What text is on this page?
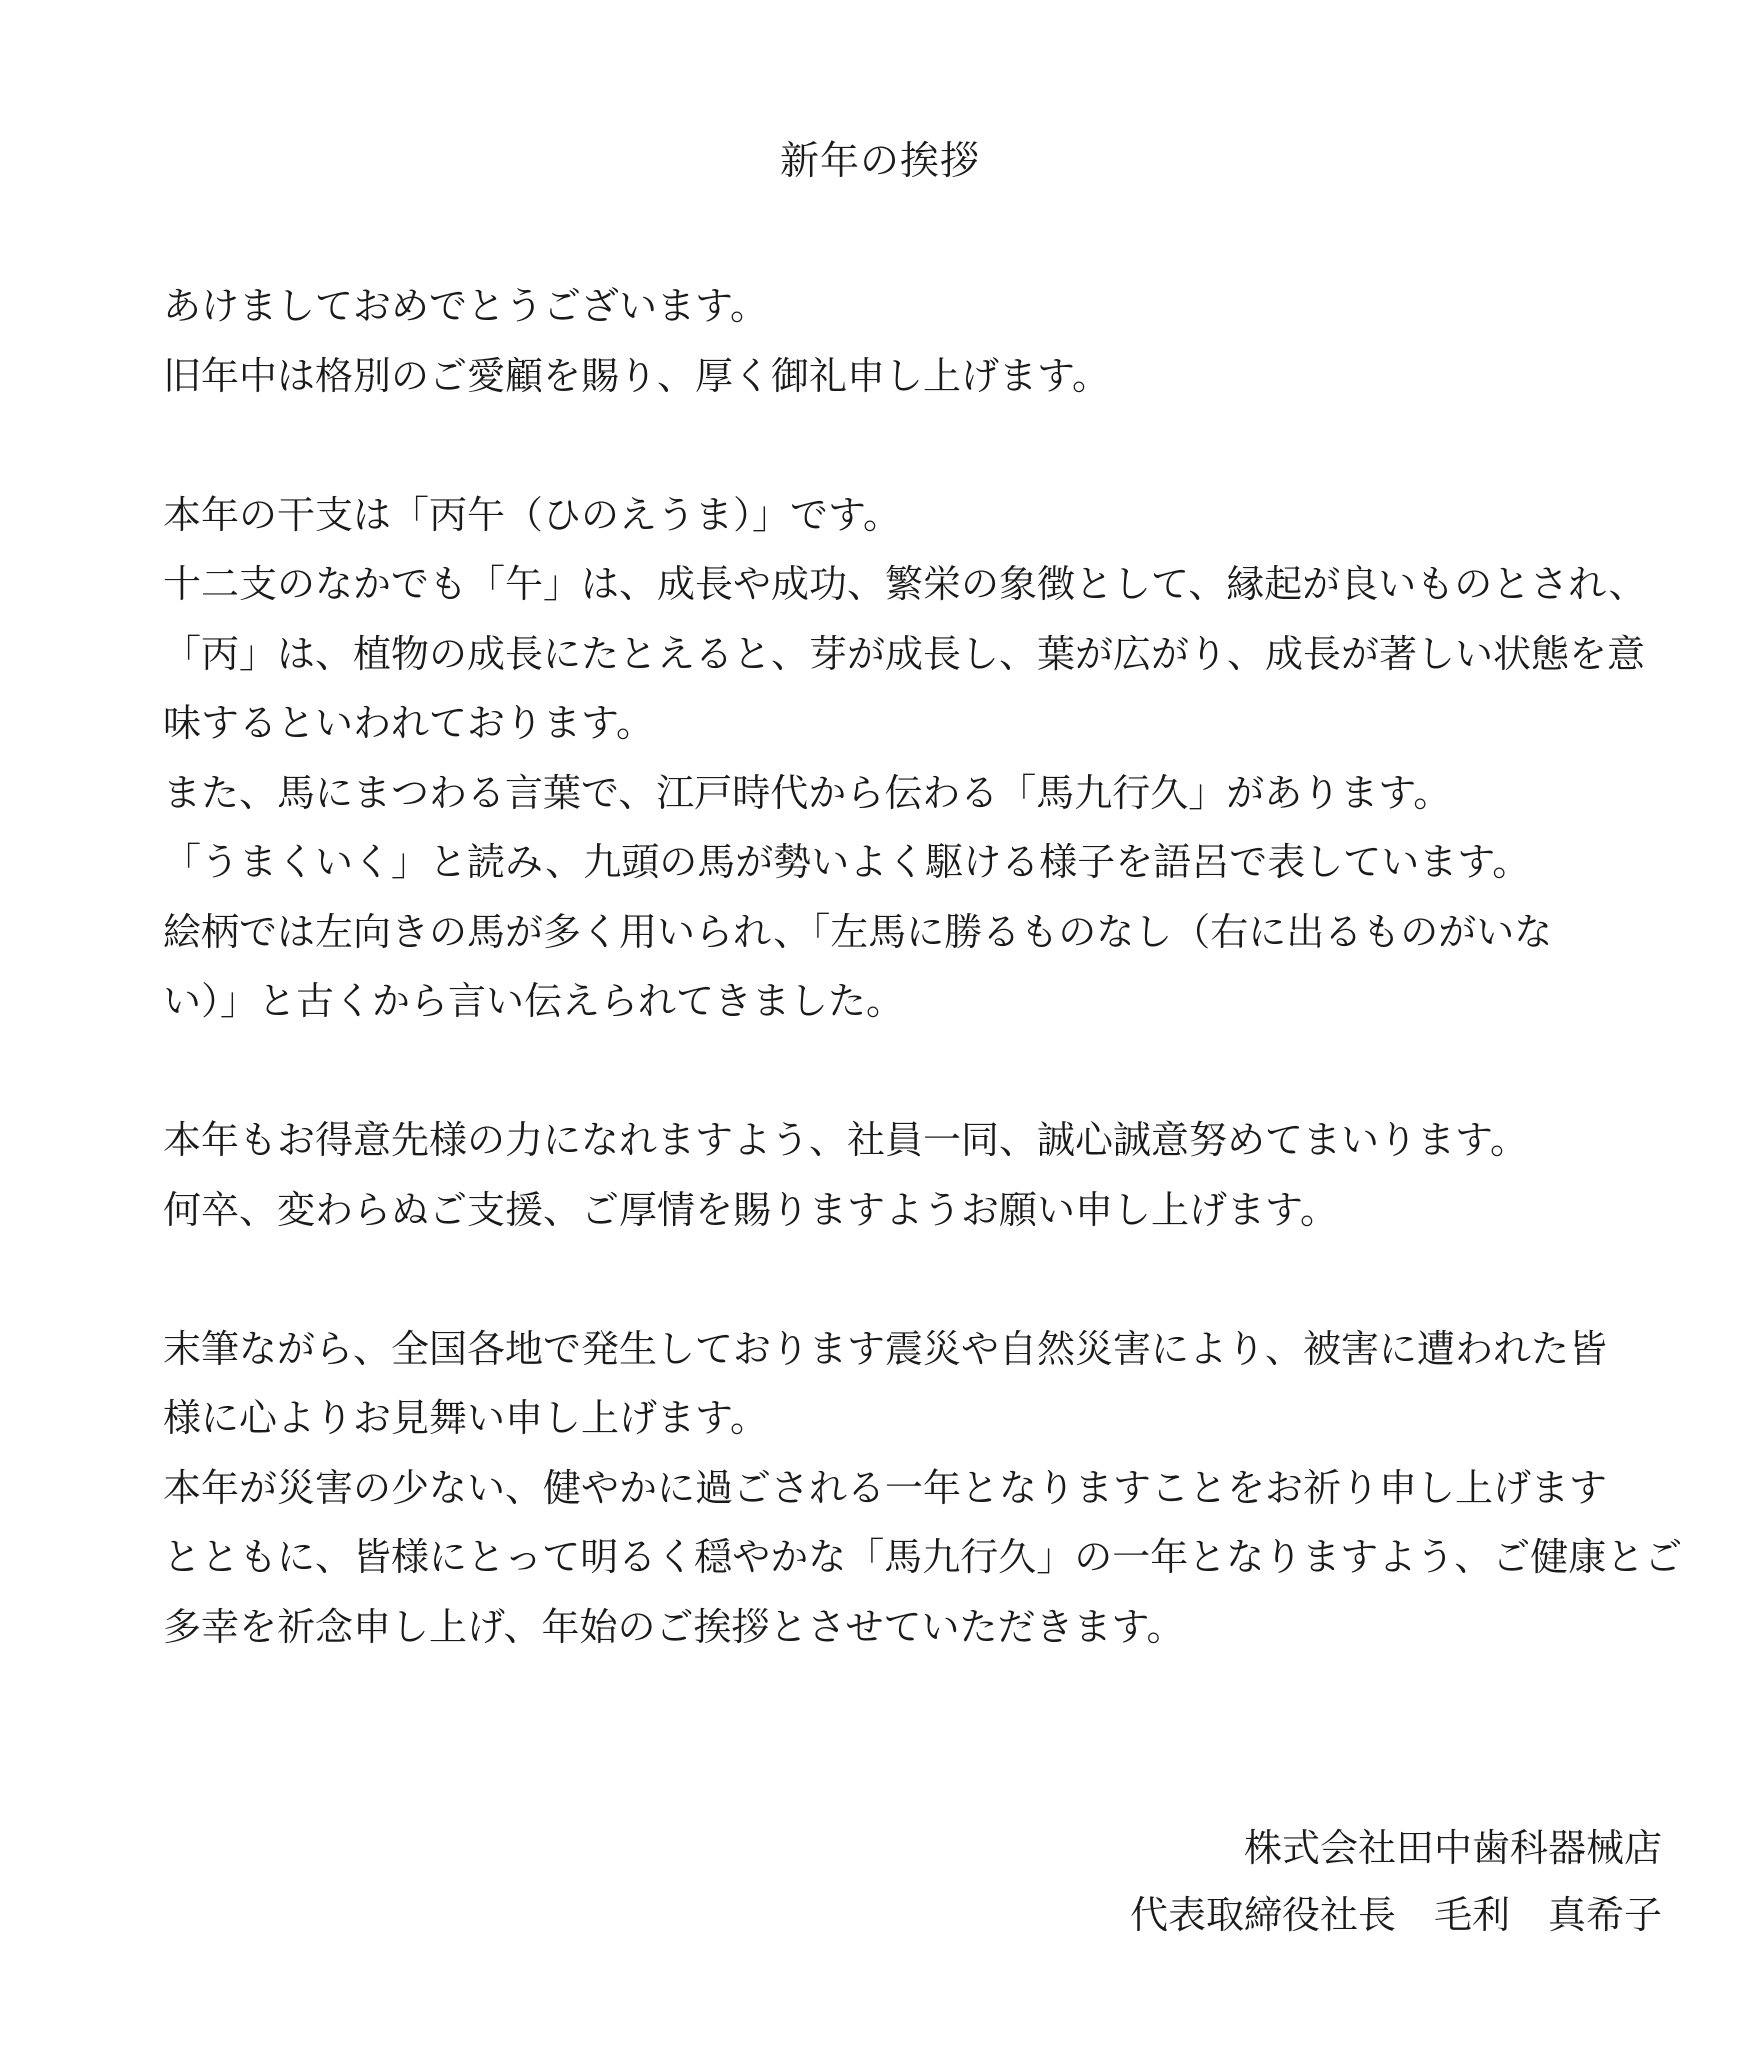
新年の挨拶
あけましておめでとうございます。
旧年中は格別のご愛顧を賜り、厚く御礼申し上げます。
本年の干支は「丙午（ひのえうま）」です。
十二支のなかでも「午」は、成長や成功、繁栄の象徴として、縁起が良いものとされ、
「丙」は、植物の成長にたとえると、芽が成長し、葉が広がり、成長が著しい状態を意
味するといわれております。
また、馬にまつわる言葉で、江戸時代から伝わる「馬九行久」があります。
「うまくいく」と読み、九頭の馬が勢いよく駆ける様子を語呂で表しています。
絵柄では左向きの馬が多く用いられ、「左馬に勝るものなし（右に出るものがいな
い）」と古くから言い伝えられてきました。
本年もお得意先様の力になれますよう、社員一同、誠心誠意努めてまいります。
何卒、変わらぬご支援、ご厚情を賜りますようお願い申し上げます。
末筆ながら、全国各地で発生しております震災や自然災害により、被害に遭われた皆
様に心よりお見舞い申し上げます。
本年が災害の少ない、健やかに過ごされる一年となりますことをお祈り申し上げます
とともに、皆様にとって明るく穏やかな「馬九行久」の一年となりますよう、ご健康とご
多幸を祈念申し上げ、年始のご挨拶とさせていただきます。
株式会社田中歯科器械店
代表取締役社長　毛利　真希子
